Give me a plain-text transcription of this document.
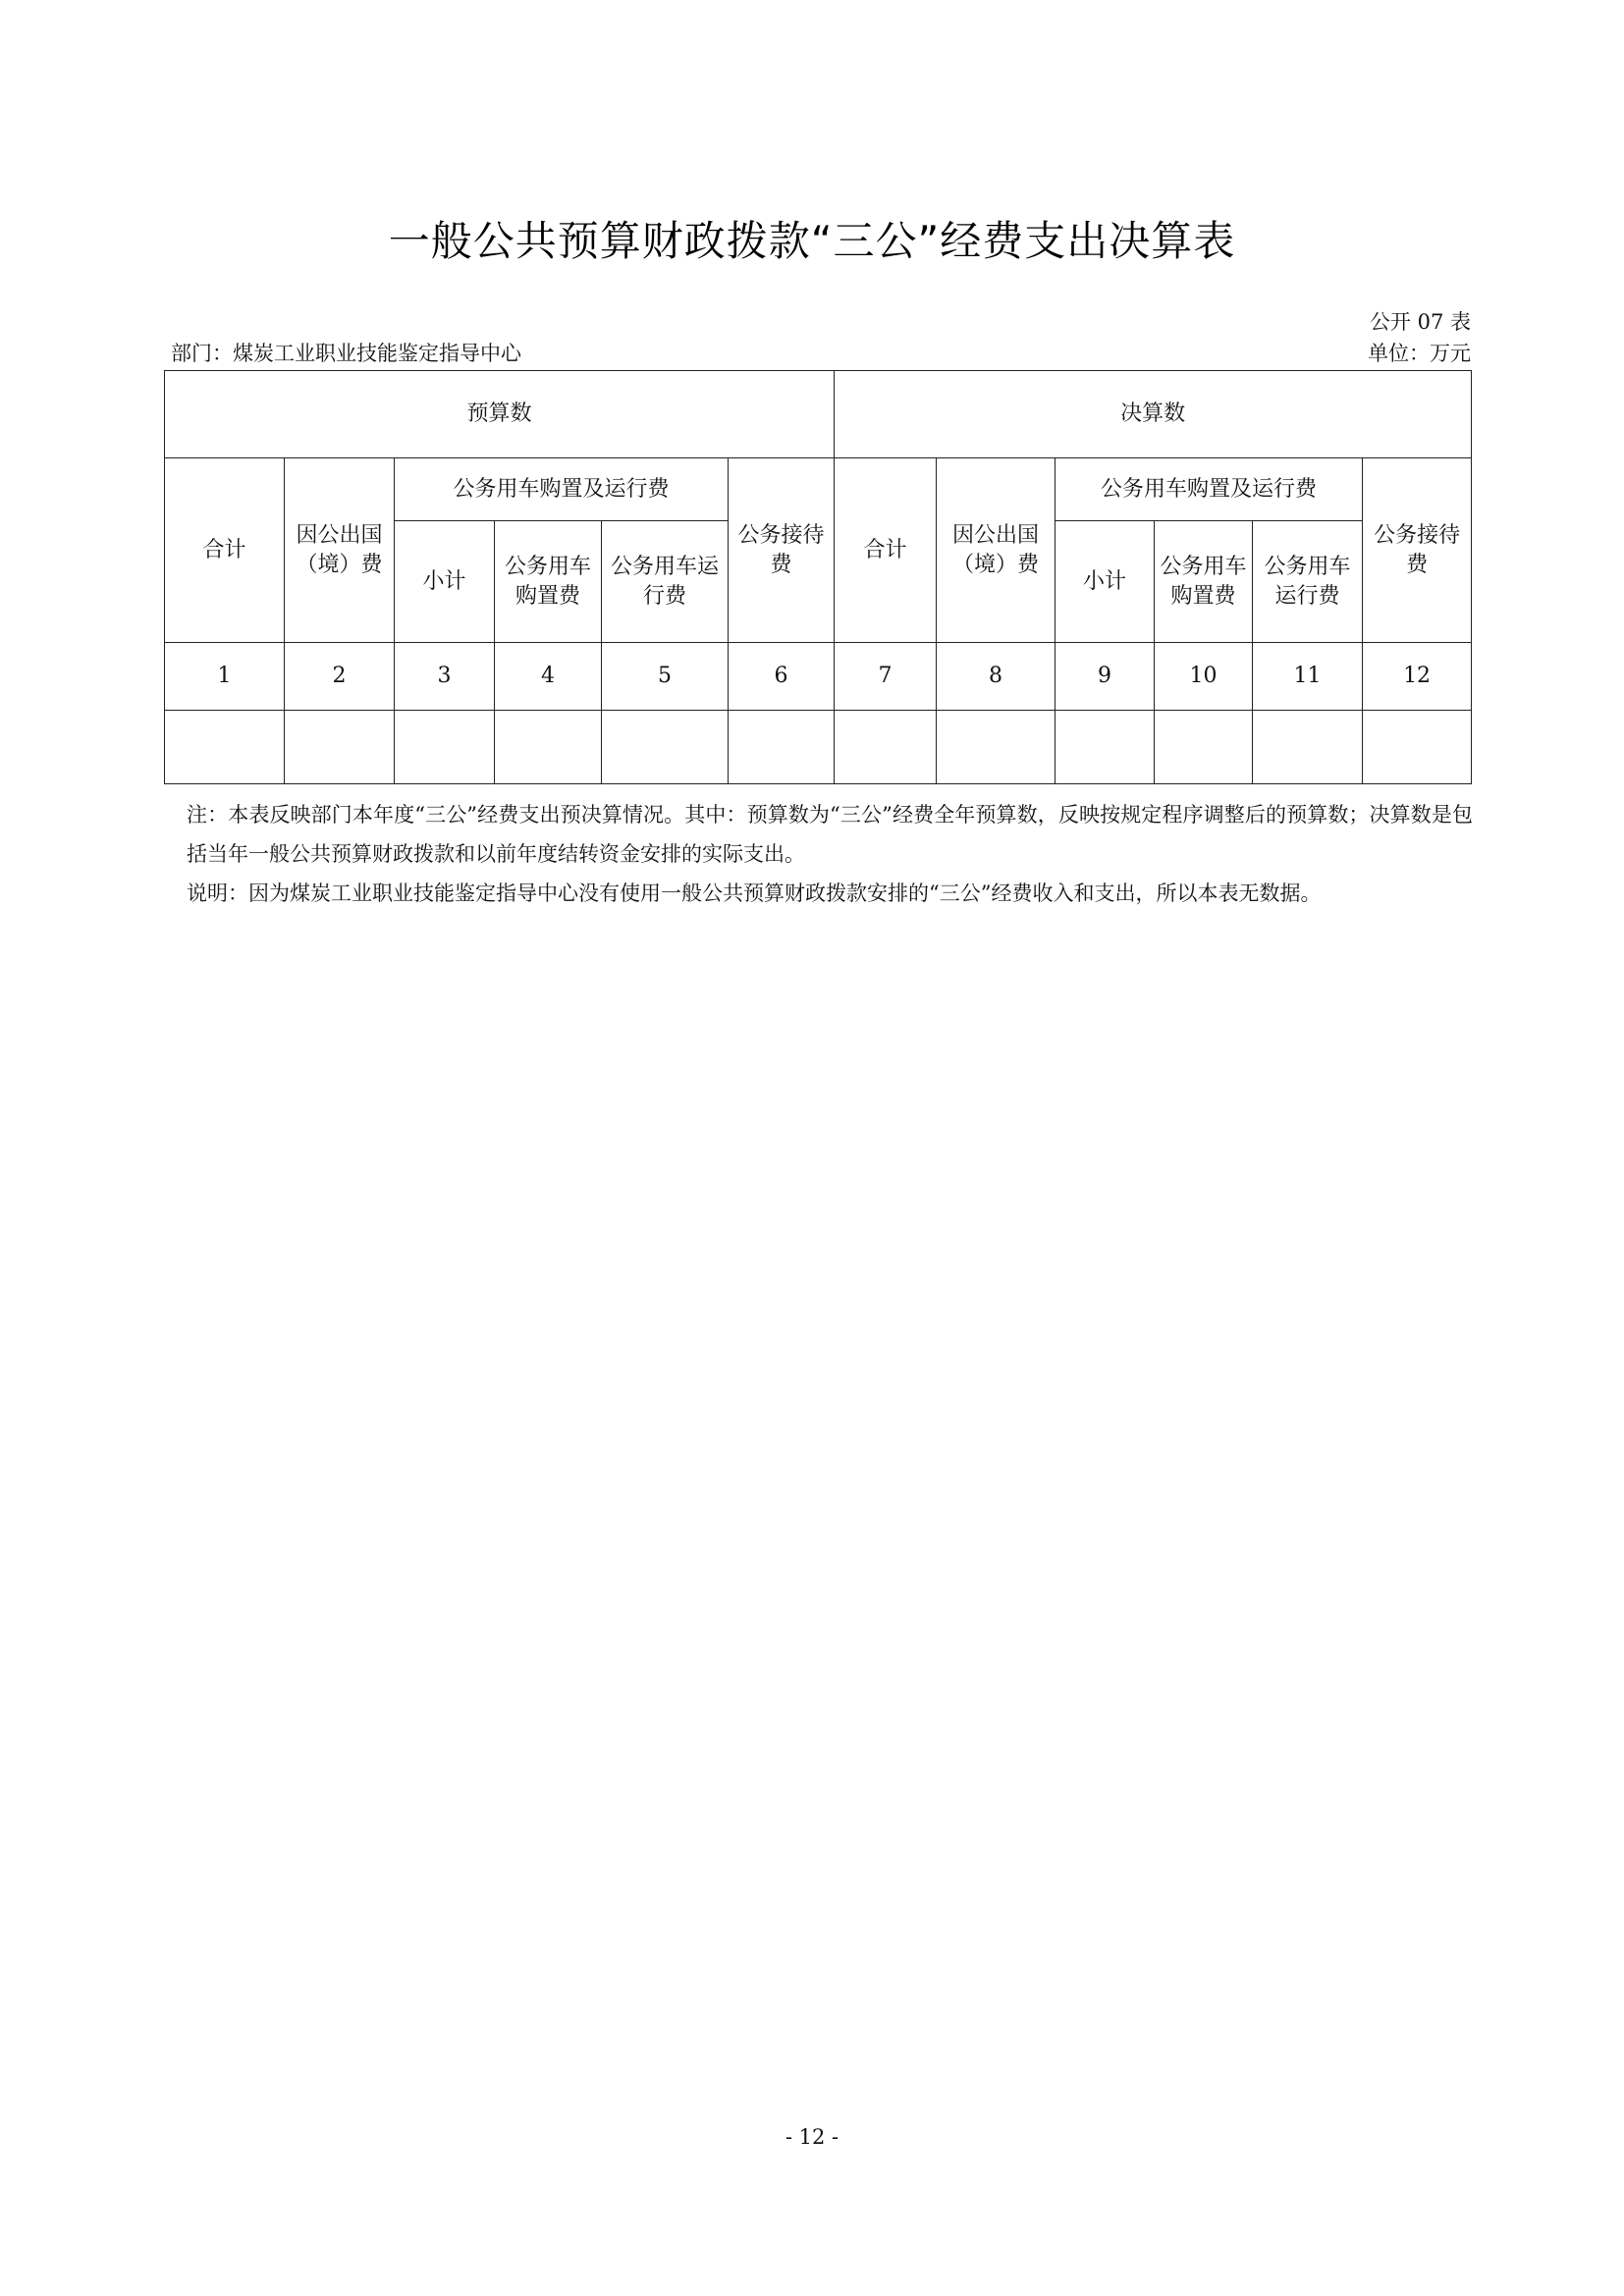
一般公共预算财政拨款“三公”经费支出决算表
公开 07 表
部门：煤炭工业职业技能鉴定指导中心	单位：万元
预算数						决算数					
合计	因公出国（境）费	公务用车购置及运行费			公务接待费	合计	因公出国（境）费	公务用车购置及运行费			公务接待费
		小计	公务用车购置费	公务用车运行费				小计	公务用车购置费	公务用车运行费	
1	2	3	4	5	6	7	8	9	10	11	12

注：本表反映部门本年度“三公”经费支出预决算情况。其中：预算数为“三公”经费全年预算数，反映按规定程序调整后的预算数；决算数是包括当年一般公共预算财政拨款和以前年度结转资金安排的实际支出。

说明：因为煤炭工业职业技能鉴定指导中心没有使用一般公共预算财政拨款安排的“三公”经费收入和支出，所以本表无数据。

- 12 -
